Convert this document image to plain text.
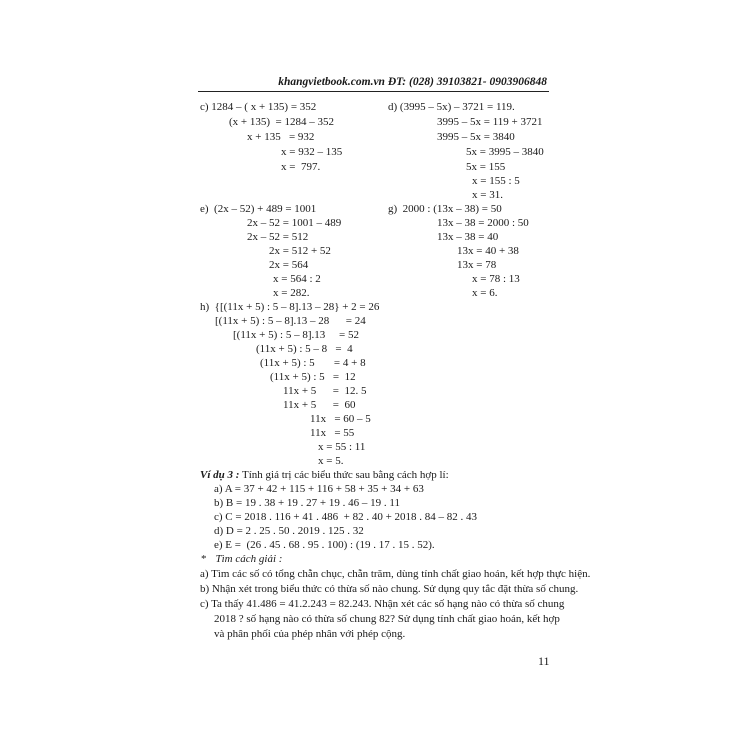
khangvietbook.com.vn ĐT: (028) 39103821- 0903906848
c) 1284 – ( x + 135) = 352
(x + 135)  = 1284 – 352
x + 135   = 932
x = 932 – 135
x =  797.
d) (3995 – 5x) – 3721 = 119.
3995 – 5x = 119 + 3721
3995 – 5x = 3840
5x = 3995 – 3840
5x = 155
x = 155 : 5
x = 31.
e)  (2x – 52) + 489 = 1001
2x – 52 = 1001 – 489
2x – 52 = 512
2x = 512 + 52
2x = 564
x = 564 : 2
x = 282.
g)  2000 : (13x – 38) = 50
13x – 38 = 2000 : 50
13x – 38 = 40
13x = 40 + 38
13x = 78
x = 78 : 13
x = 6.
h)  {[(11x + 5) : 5 – 8].13 – 28} + 2 = 26
[(11x + 5) : 5 – 8].13 – 28      = 24
[(11x + 5) : 5 – 8].13     = 52
(11x + 5) : 5 – 8   =  4
(11x + 5) : 5       = 4 + 8
(11x + 5) : 5   =  12
11x + 5      =  12. 5
11x + 5      =  60
11x   = 60 – 5
11x   = 55
x = 55 : 11
x = 5.
Ví dụ 3 : Tính giá trị các biểu thức sau bằng cách hợp lí:
a) A = 37 + 42 + 115 + 116 + 58 + 35 + 34 + 63
b) B = 19 . 38 + 19 . 27 + 19 . 46 – 19 . 11
c) C = 2018 . 116 + 41 . 486  + 82 . 40 + 2018 . 84 – 82 . 43
d) D = 2 . 25 . 50 . 2019 . 125 . 32
e) E =  (26 . 45 . 68 . 95 . 100) : (19 . 17 . 15 . 52).
* Tìm cách giải :
a) Tìm các số có tổng chẵn chục, chẵn trăm, dùng tính chất giao hoán, kết hợp thực hiện.
b) Nhận xét trong biểu thức có thừa số nào chung. Sử dụng quy tắc đặt thừa số chung.
c) Ta thấy 41.486 = 41.2.243 = 82.243. Nhận xét các số hạng nào có thừa số chung
2018 ? số hạng nào có thừa số chung 82? Sử dụng tính chất giao hoán, kết hợp
và phân phối của phép nhân với phép cộng.
11
